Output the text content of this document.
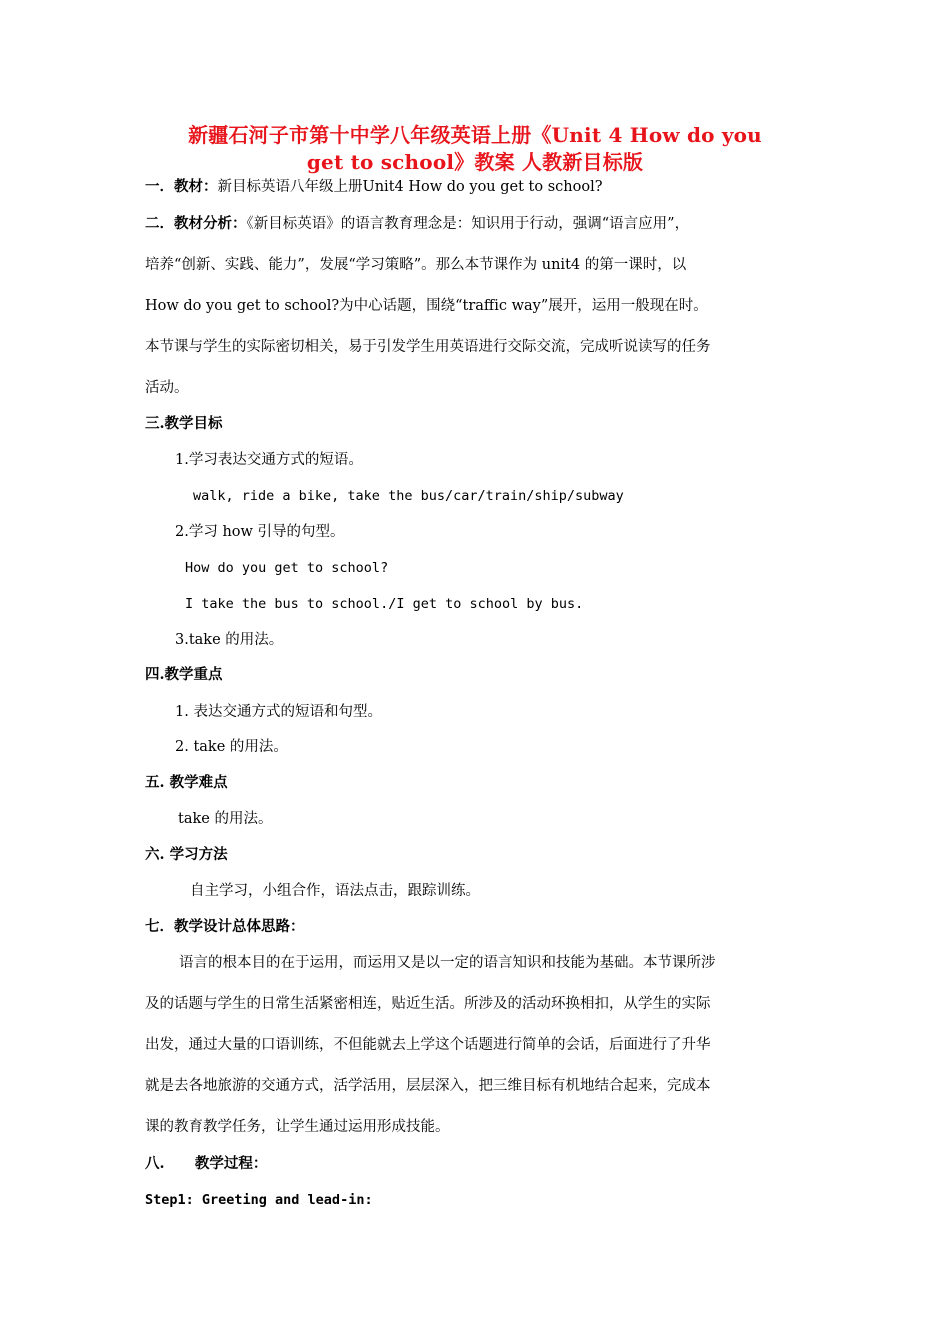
新疆石河子市第十中学八年级英语上册《Unit 4 How do you
get to school》教案 人教新目标版
一．教材：新目标英语八年级上册Unit4 How do you get to school?
二．教材分析：《新目标英语》的语言教育理念是：知识用于行动，强调“语言应用”，
培养“创新、实践、能力”，发展“学习策略”。那么本节课作为 unit4 的第一课时，以
How do you get to school?为中心话题，围绕“traffic way”展开，运用一般现在时。
本节课与学生的实际密切相关，易于引发学生用英语进行交际交流，完成听说读写的任务
活动。
三.教学目标
1.学习表达交通方式的短语。
walk, ride a bike, take the bus/car/train/ship/subway
2.学习 how 引导的句型。
How do you get to school?
I take the bus to school./I get to school by bus.
3.take 的用法。
四.教学重点
1. 表达交通方式的短语和句型。
2. take 的用法。
五. 教学难点
take 的用法。
六. 学习方法
自主学习，小组合作，语法点击，跟踪训练。
七．教学设计总体思路：
语言的根本目的在于运用，而运用又是以一定的语言知识和技能为基础。本节课所涉
及的话题与学生的日常生活紧密相连，贴近生活。所涉及的活动环换相扣，从学生的实际
出发，通过大量的口语训练，不但能就去上学这个话题进行简单的会话，后面进行了升华
就是去各地旅游的交通方式，活学活用，层层深入，把三维目标有机地结合起来，完成本
课的教育教学任务，让学生通过运用形成技能。
八.      教学过程：
Step1: Greeting and lead-in:
